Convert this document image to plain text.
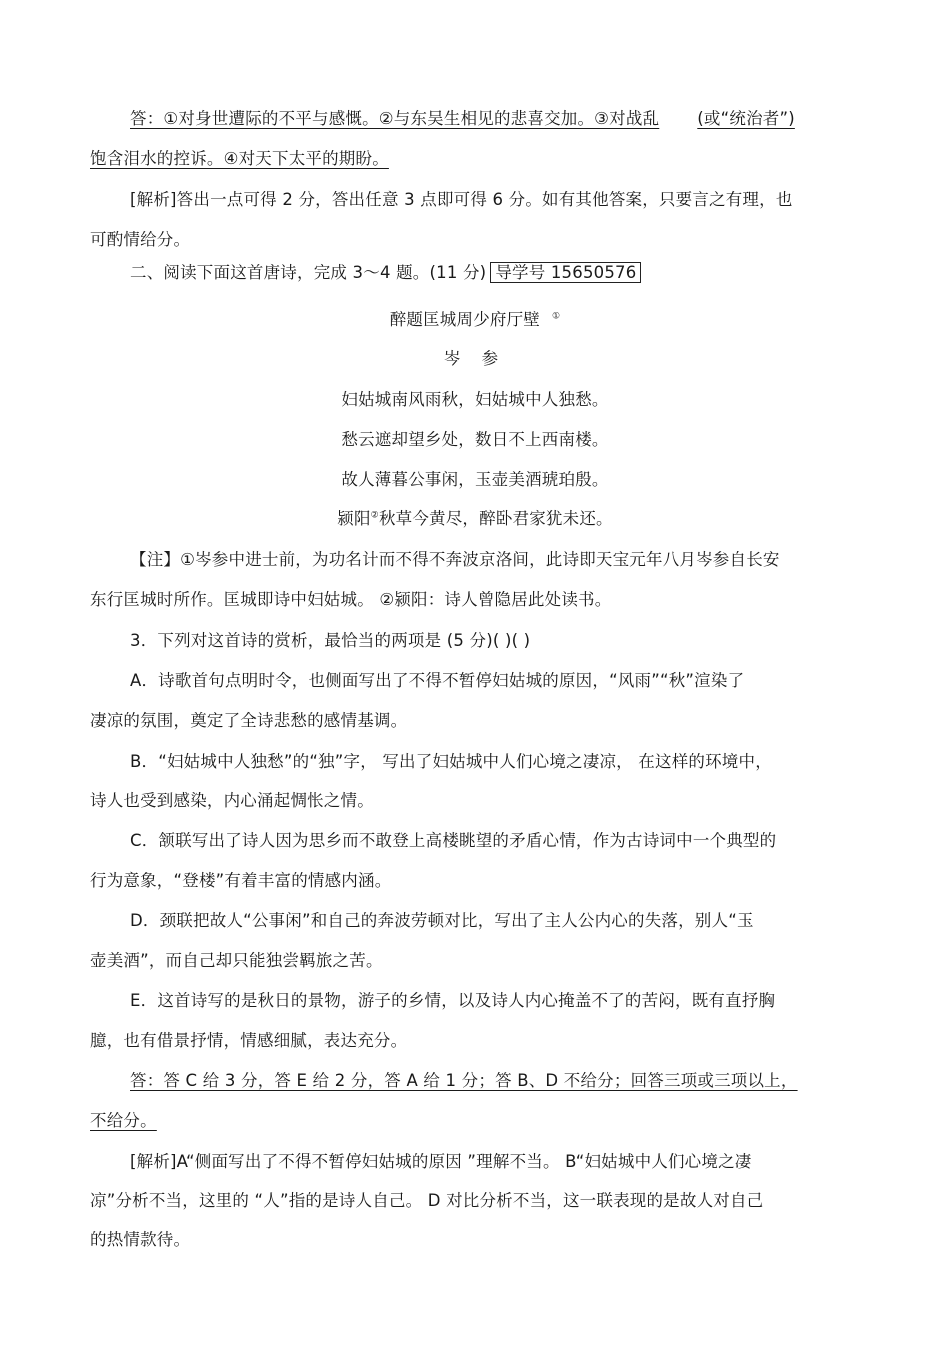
答：①对身世遭际的不平与感慨。②与东吴生相见的悲喜交加。③对战乱 (或“统治者”)
饱含泪水的控诉。④对天下太平的期盼。
[解析]答出一点可得 2 分，答出任意 3 点即可得 6 分。如有其他答案，只要言之有理，也
可酌情给分。
二、阅读下面这首唐诗，完成 3～4 题。(11 分) 导学号 15650576
醉题匡城周少府厅壁 ①
岑 参
妇姑城南风雨秋，妇姑城中人独愁。
愁云遮却望乡处，数日不上西南楼。
故人薄暮公事闲，玉壶美酒琥珀殷。
颍阳②秋草今黄尽，醉卧君家犹未还。
【注】①岑参中进士前，为功名计而不得不奔波京洛间，此诗即天宝元年八月岑参自长安
东行匡城时所作。匡城即诗中妇姑城。 ②颍阳：诗人曾隐居此处读书。
3．下列对这首诗的赏析，最恰当的两项是 (5 分)( )( )
A．诗歌首句点明时令，也侧面写出了不得不暂停妇姑城的原因，“风雨”“秋”渲染了
凄凉的氛围，奠定了全诗悲愁的感情基调。
B．“妇姑城中人独愁”的“独”字， 写出了妇姑城中人们心境之凄凉， 在这样的环境中，
诗人也受到感染，内心涌起惆怅之情。
C．颔联写出了诗人因为思乡而不敢登上高楼眺望的矛盾心情，作为古诗词中一个典型的
行为意象，“登楼”有着丰富的情感内涵。
D．颈联把故人“公事闲”和自己的奔波劳顿对比，写出了主人公内心的失落，别人“玉
壶美酒”，而自己却只能独尝羁旅之苦。
E．这首诗写的是秋日的景物，游子的乡情，以及诗人内心掩盖不了的苦闷，既有直抒胸
臆，也有借景抒情，情感细腻，表达充分。
答：答 C 给 3 分，答 E 给 2 分，答 A 给 1 分；答 B、D 不给分；回答三项或三项以上，
不给分。
[解析]A“侧面写出了不得不暂停妇姑城的原因 ”理解不当。 B“妇姑城中人们心境之凄
凉”分析不当，这里的 “人”指的是诗人自己。 D 对比分析不当，这一联表现的是故人对自己
的热情款待。
